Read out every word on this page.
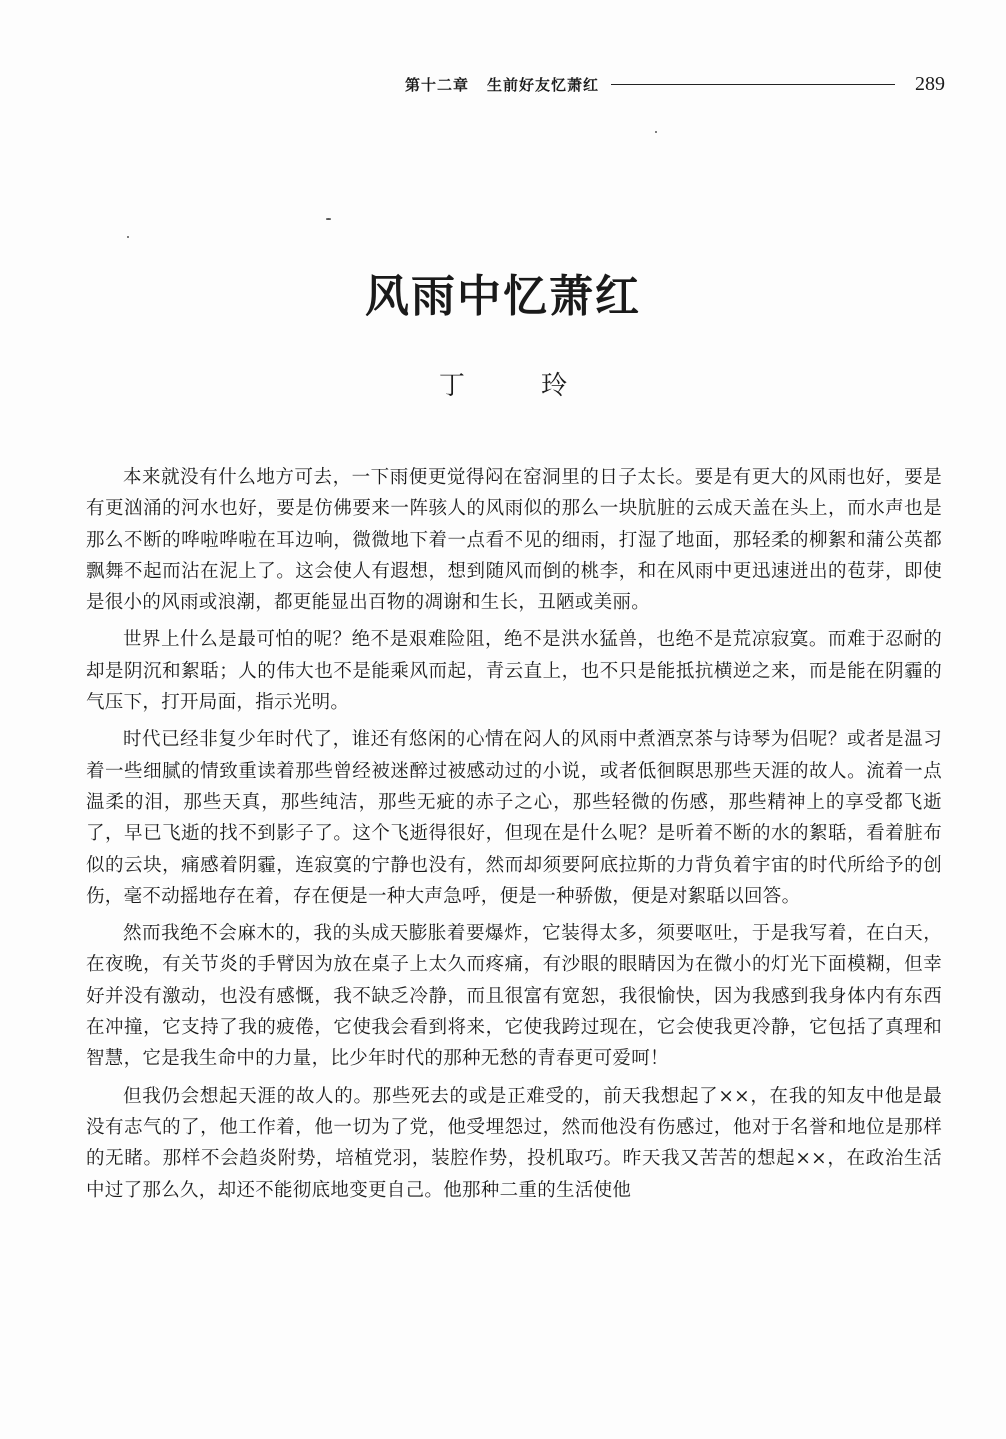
第十二章 生前好友忆萧红	289
风雨中忆萧红
丁 玲

本来就没有什么地方可去，一下雨便更觉得闷在窑洞里的日子太长。要是有更大的风雨也好，要是有更汹涌的河水也好，要是仿佛要来一阵骇人的风雨似的那么一块肮脏的云成天盖在头上，而水声也是那么不断的哗啦哗啦在耳边响，微微地下着一点看不见的细雨，打湿了地面，那轻柔的柳絮和蒲公英都飘舞不起而沾在泥上了。这会使人有遐想，想到随风而倒的桃李，和在风雨中更迅速迸出的苞芽，即使是很小的风雨或浪潮，都更能显出百物的凋谢和生长，丑陋或美丽。

世界上什么是最可怕的呢？绝不是艰难险阻，绝不是洪水猛兽，也绝不是荒凉寂寞。而难于忍耐的却是阴沉和絮聒；人的伟大也不是能乘风而起，青云直上，也不只是能抵抗横逆之来，而是能在阴霾的气压下，打开局面，指示光明。

时代已经非复少年时代了，谁还有悠闲的心情在闷人的风雨中煮酒烹茶与诗琴为侣呢？或者是温习着一些细腻的情致重读着那些曾经被迷醉过被感动过的小说，或者低徊瞑思那些天涯的故人。流着一点温柔的泪，那些天真，那些纯洁，那些无疵的赤子之心，那些轻微的伤感，那些精神上的享受都飞逝了，早已飞逝的找不到影子了。这个飞逝得很好，但现在是什么呢？是听着不断的水的絮聒，看着脏布似的云块，痛感着阴霾，连寂寞的宁静也没有，然而却须要阿底拉斯的力背负着宇宙的时代所给予的创伤，毫不动摇地存在着，存在便是一种大声急呼，便是一种骄傲，便是对絮聒以回答。

然而我绝不会麻木的，我的头成天膨胀着要爆炸，它装得太多，须要呕吐，于是我写着，在白天，在夜晚，有关节炎的手臂因为放在桌子上太久而疼痛，有沙眼的眼睛因为在微小的灯光下面模糊，但幸好并没有激动，也没有感慨，我不缺乏冷静，而且很富有宽恕，我很愉快，因为我感到我身体内有东西在冲撞，它支持了我的疲倦，它使我会看到将来，它使我跨过现在，它会使我更冷静，它包括了真理和智慧，它是我生命中的力量，比少年时代的那种无愁的青春更可爱呵！

但我仍会想起天涯的故人的。那些死去的或是正难受的，前天我想起了××，在我的知友中他是最没有志气的了，他工作着，他一切为了党，他受埋怨过，然而他没有伤感过，他对于名誉和地位是那样的无睹。那样不会趋炎附势，培植党羽，装腔作势，投机取巧。昨天我又苦苦的想起××，在政治生活中过了那么久，却还不能彻底地变更自己。他那种二重的生活使他
